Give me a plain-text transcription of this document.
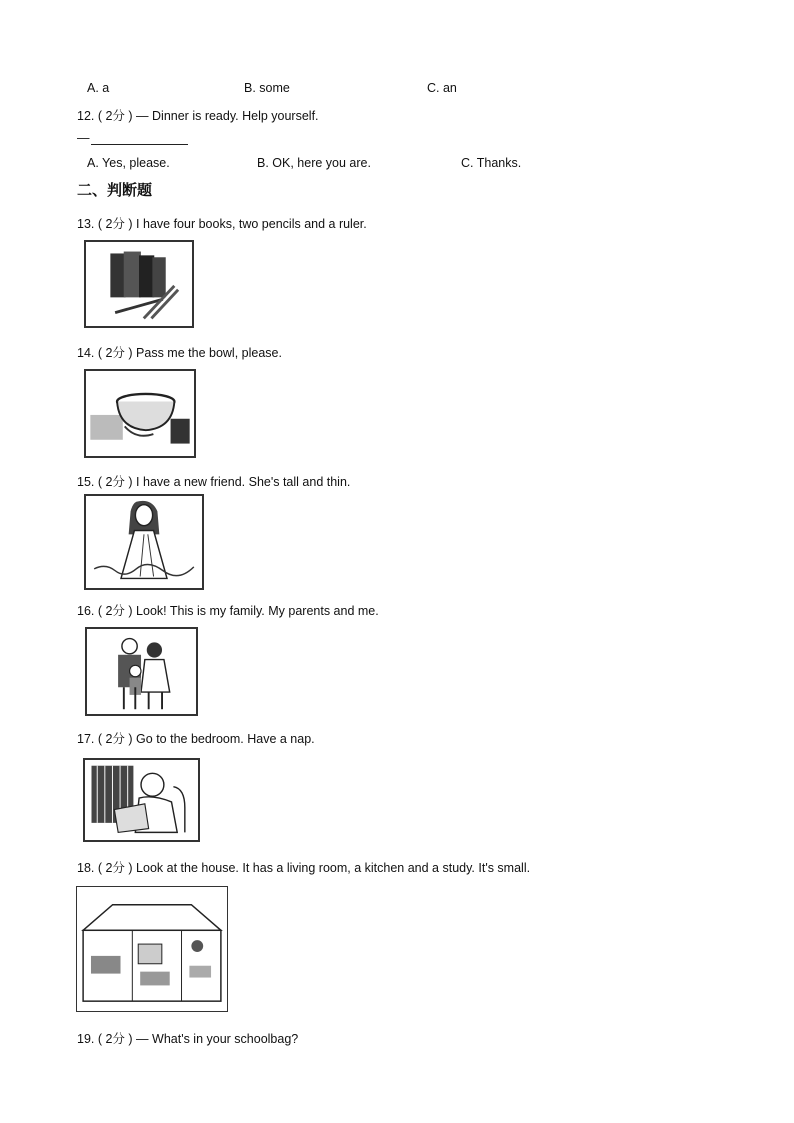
A. a	B. some	C. an
12. ( 2分 ) — Dinner is ready. Help yourself.
—
A. Yes, please.	B. OK, here you are.	C. Thanks.
二、判断题
13. ( 2分 ) I have four books, two pencils and a ruler.
14. ( 2分 ) Pass me the bowl, please.
15. ( 2分 ) I have a new friend. She's tall and thin.
16. ( 2分 ) Look! This is my family. My parents and me.
17. ( 2分 ) Go to the bedroom. Have a nap.
18. ( 2分 ) Look at the house. It has a living room, a kitchen and a study. It's small.
19. ( 2分 ) — What's in your schoolbag?
